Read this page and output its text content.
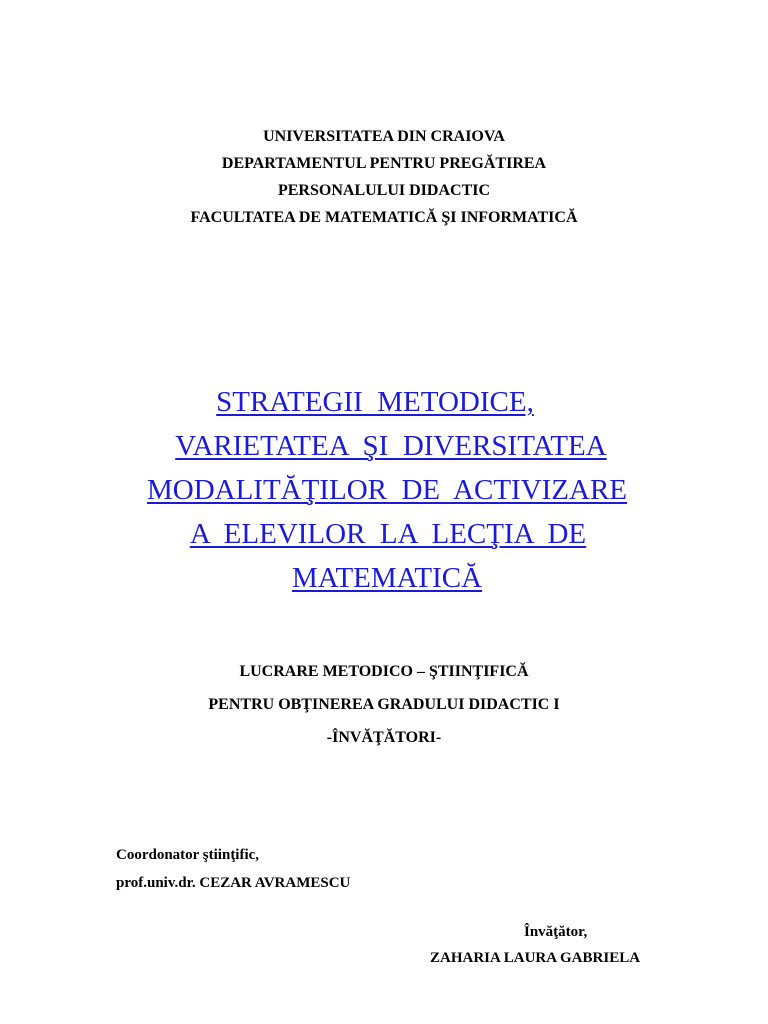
UNIVERSITATEA DIN CRAIOVA
DEPARTAMENTUL PENTRU PREGĂTIREA
PERSONALULUI DIDACTIC
FACULTATEA DE MATEMATICĂ ŞI INFORMATICĂ
STRATEGII  METODICE,
VARIETATEA  ŞI  DIVERSITATEA
MODALITĂŢILOR  DE  ACTIVIZARE
A  ELEVILOR  LA  LECŢIA  DE
MATEMATICĂ
LUCRARE METODICO – ŞTIINŢIFICĂ
PENTRU OBŢINEREA GRADULUI DIDACTIC I
-ÎNVĂŢĂTORI-
Coordonator ştiinţific,
prof.univ.dr. CEZAR AVRAMESCU
Învăţător,
ZAHARIA LAURA GABRIELA
